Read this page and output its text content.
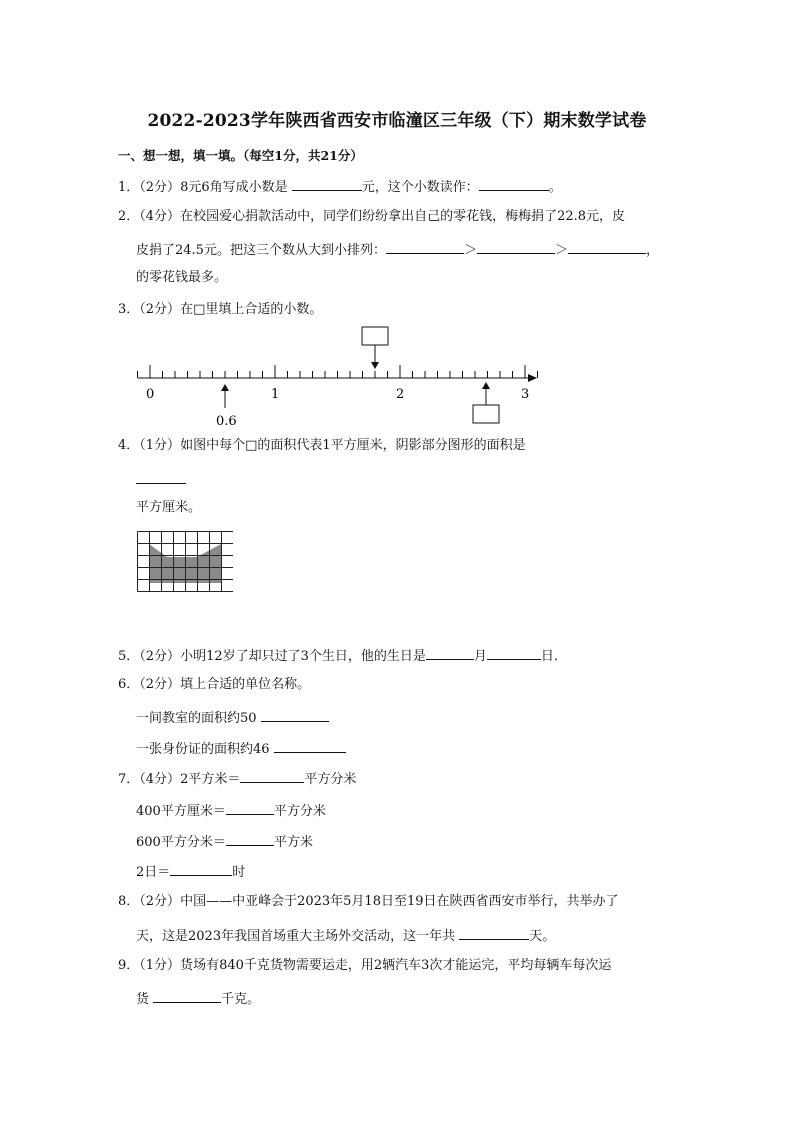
2022-2023学年陕西省西安市临潼区三年级（下）期末数学试卷
一、想一想，填一填。（每空1分，共21分）
1．（2分）8元6角写成小数是	元，这个小数读作：	。
2．（4分）在校园爱心捐款活动中，同学们纷纷拿出自己的零花钱，梅梅捐了22.8元，皮
皮捐了24.5元。把这三个数从大到小排列：	＞	＞	，
的零花钱最多。
3．（2分）在□里填上合适的小数。
0	1	2	3
0.6
4．（1分）如图中每个□的面积代表1平方厘米，阴影部分图形的面积是
平方厘米。
5．（2分）小明12岁了却只过了3个生日，他的生日是	月	日．
6．（2分）填上合适的单位名称。
一间教室的面积约50
一张身份证的面积约46
7．（4分）2平方米＝	平方分米
400平方厘米＝	平方分米
600平方分米＝	平方米
2日＝	时
8．（2分）中国——中亚峰会于2023年5月18日至19日在陕西省西安市举行，共举办了
天，这是2023年我国首场重大主场外交活动，这一年共	天。
9．（1分）货场有840千克货物需要运走，用2辆汽车3次才能运完，平均每辆车每次运
货	千克。
